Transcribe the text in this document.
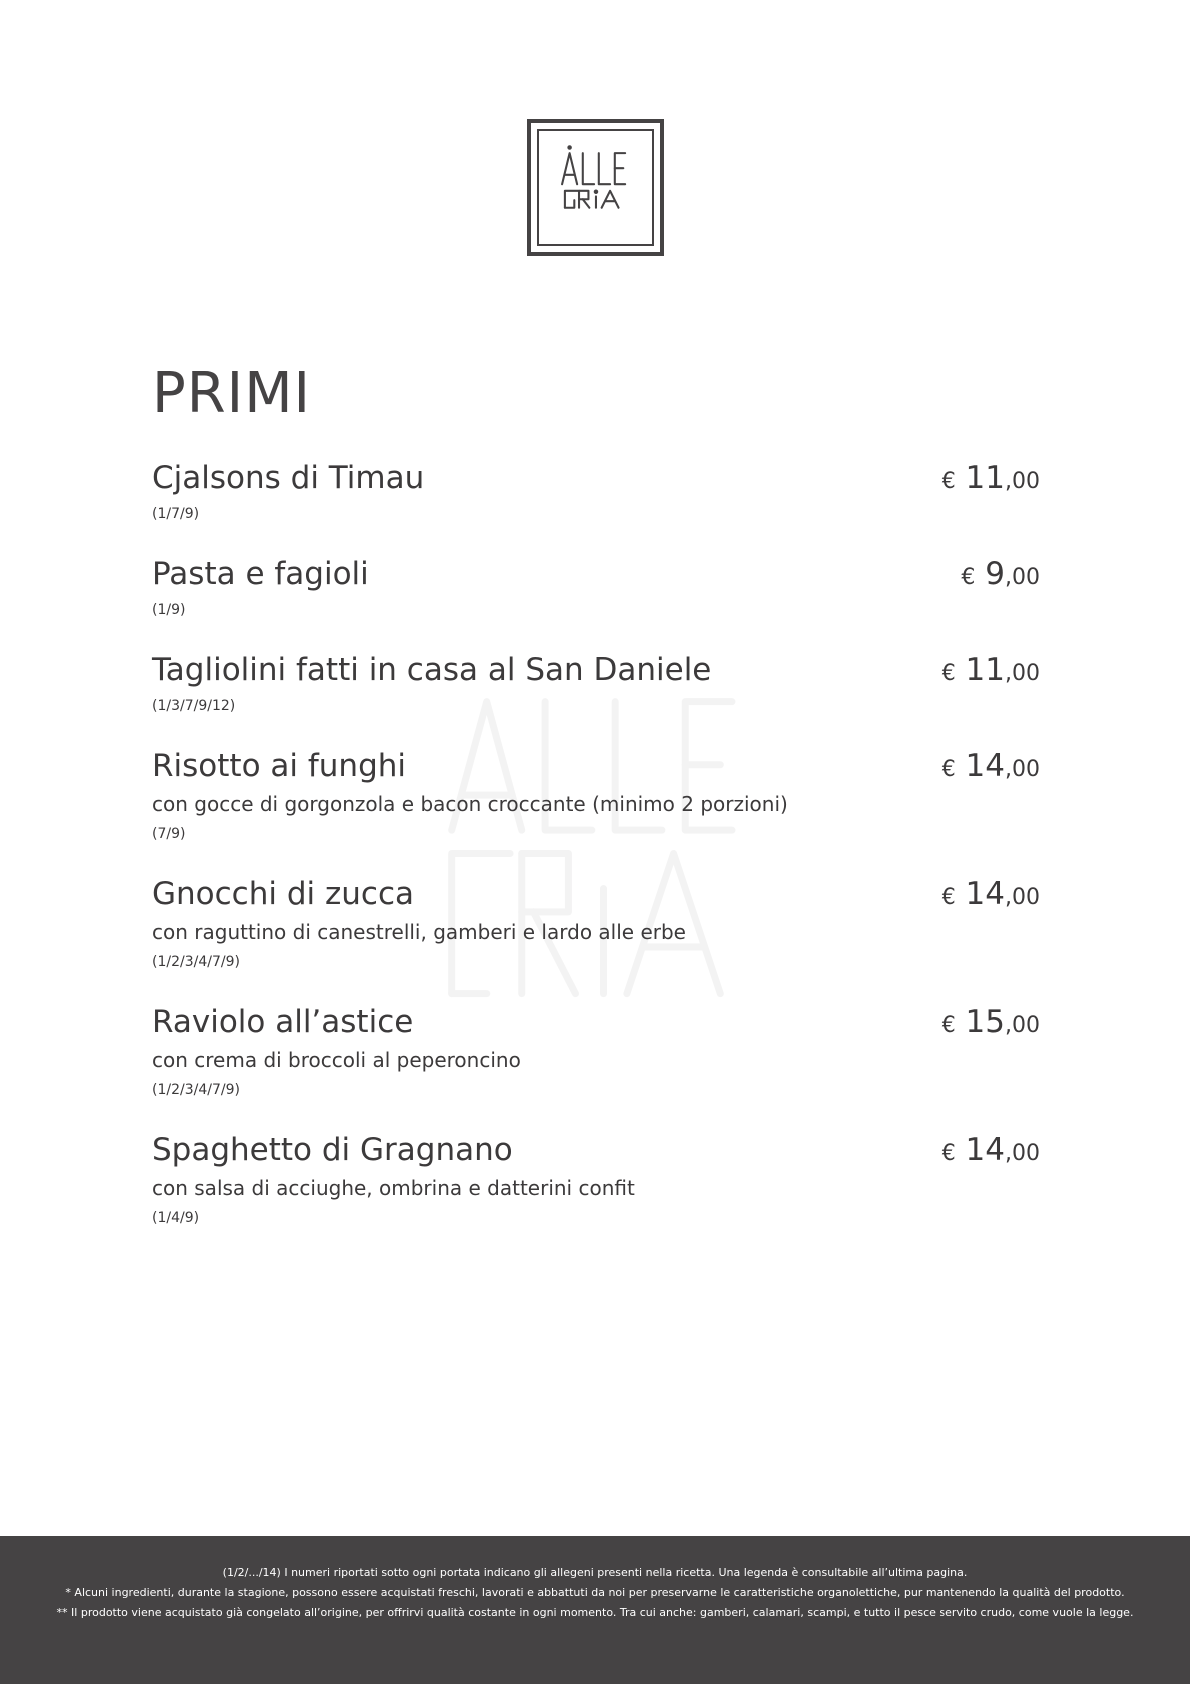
PRIMI
Cjalsons di Timau
(1/7/9)
€ 11,00
Pasta e fagioli
(1/9)
€ 9,00
Tagliolini fatti in casa al San Daniele
(1/3/7/9/12)
€ 11,00
Risotto ai funghi
con gocce di gorgonzola e bacon croccante (minimo 2 porzioni)
(7/9)
€ 14,00
Gnocchi di zucca
con raguttino di canestrelli, gamberi e lardo alle erbe
(1/2/3/4/7/9)
€ 14,00
Raviolo all’astice
con crema di broccoli al peperoncino
(1/2/3/4/7/9)
€ 15,00
Spaghetto di Gragnano
con salsa di acciughe, ombrina e datterini confit
(1/4/9)
€ 14,00

(1/2/.../14) I numeri riportati sotto ogni portata indicano gli allegeni presenti nella ricetta. Una legenda è consultabile all’ultima pagina.

* Alcuni ingredienti, durante la stagione, possono essere acquistati freschi, lavorati e abbattuti da noi per preservarne le caratteristiche organolettiche, pur mantenendo la qualità del prodotto.

** Il prodotto viene acquistato già congelato all’origine, per offrirvi qualità costante in ogni momento. Tra cui anche: gamberi, calamari, scampi, e tutto il pesce servito crudo, come vuole la legge.
